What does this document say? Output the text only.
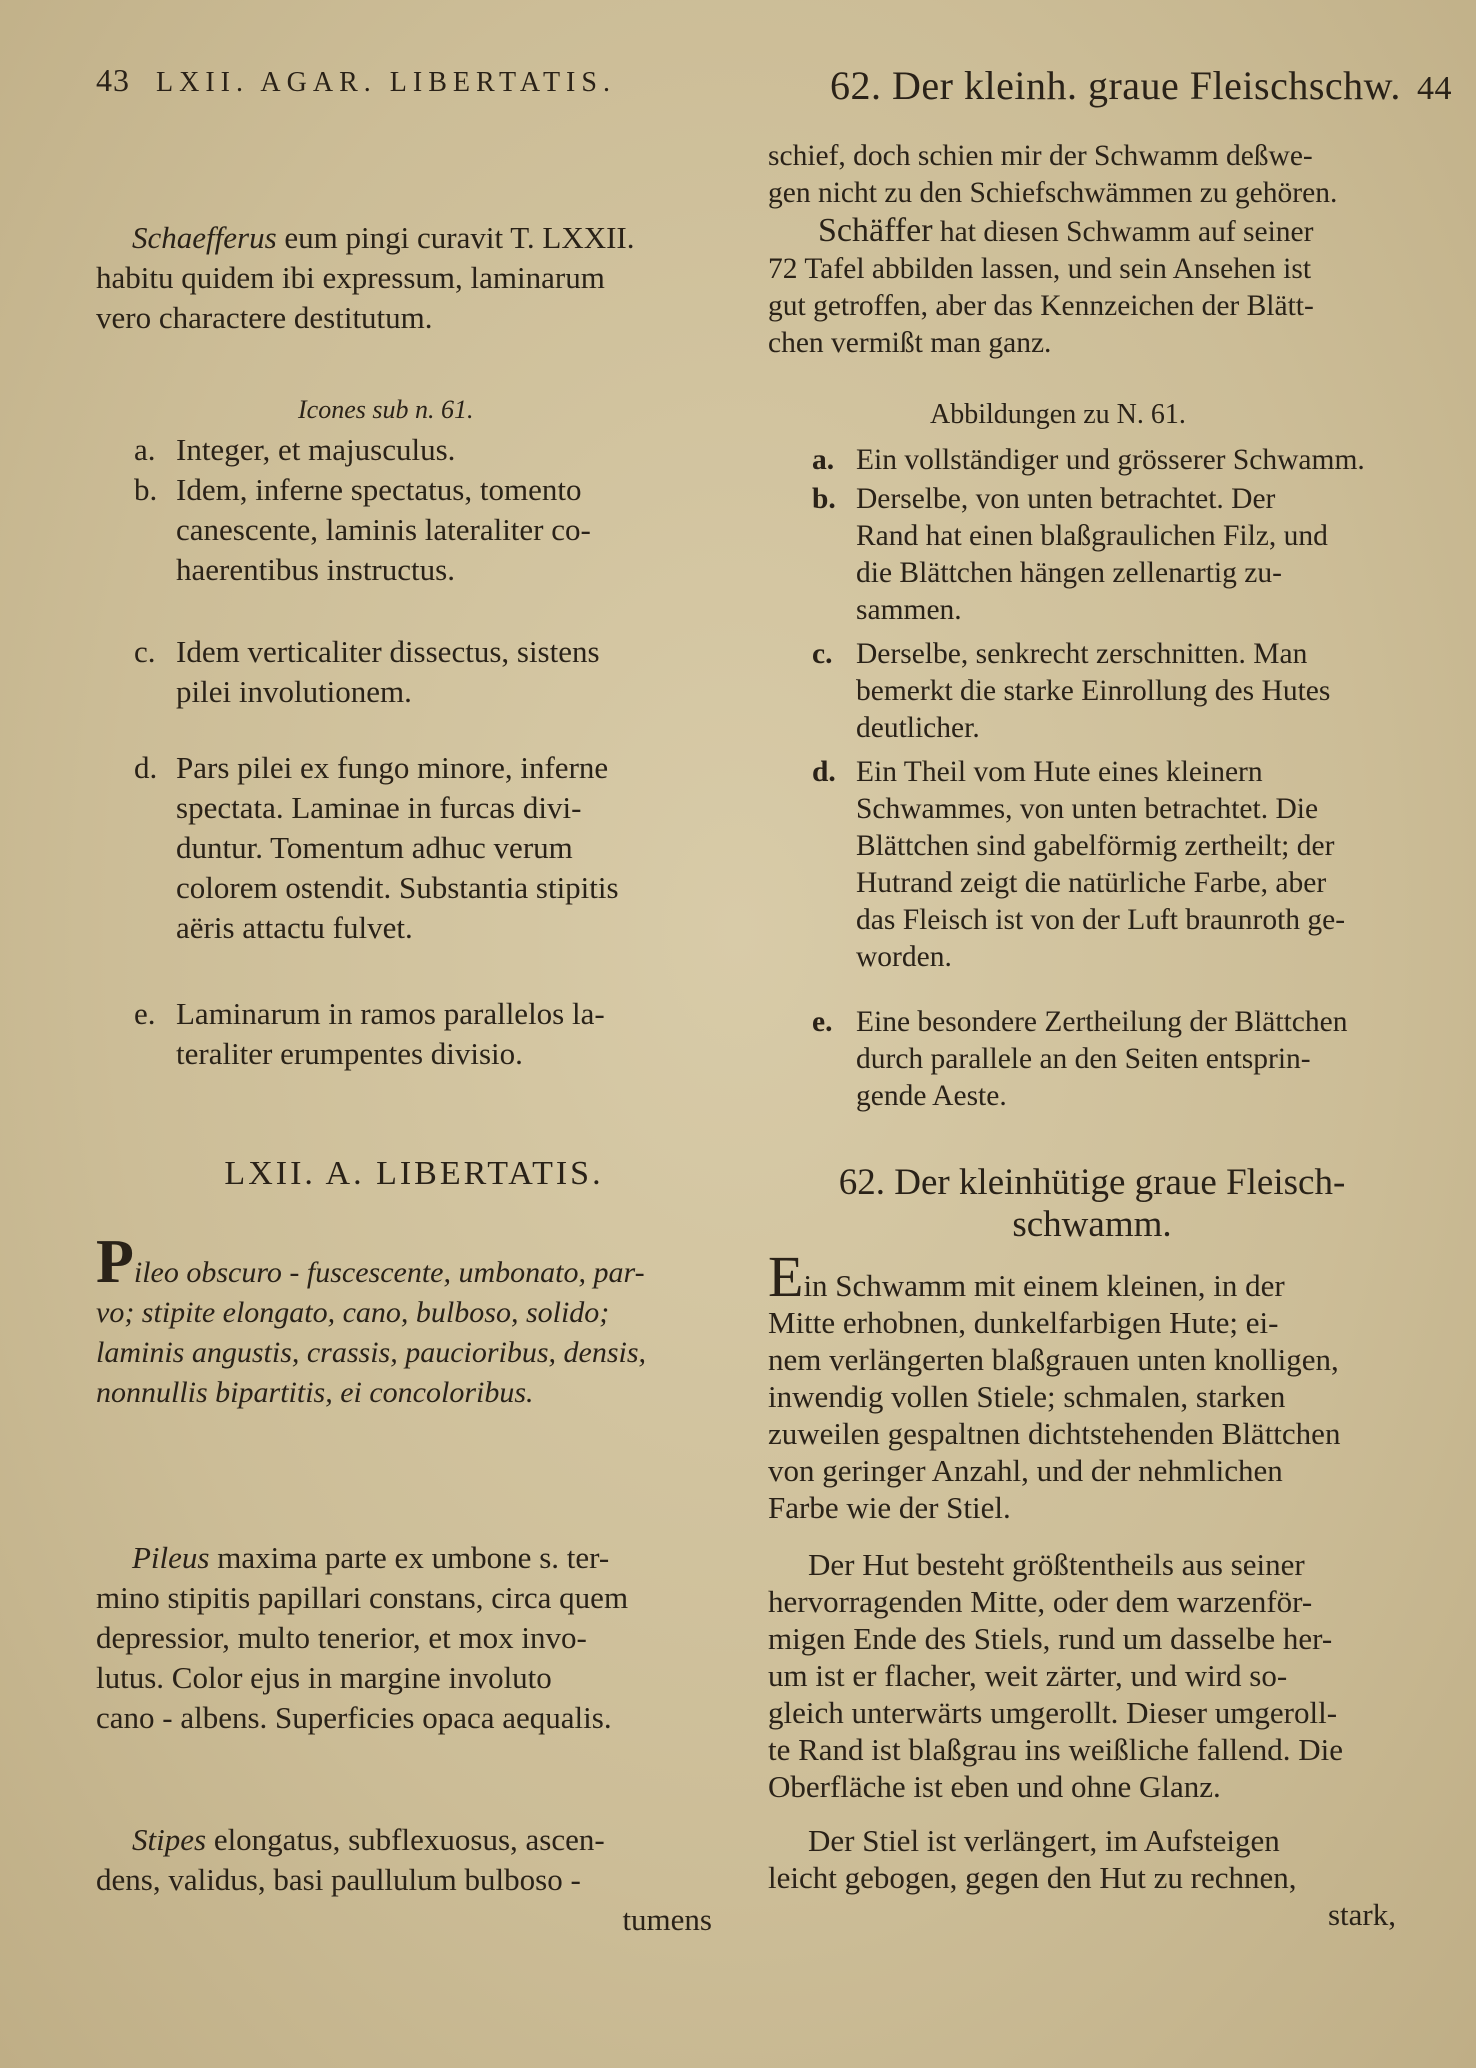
43 LXII. AGAR. LIBERTATIS.	62. Der kleinh. graue Fleischschw. 44

Schaefferus eum pingi curavit T. LXXII.

habitu quidem ibi expressum, laminarum

vero charactere destitutum.

Icones sub n. 61.
a. Integer, et majusculus.

b. Idem, inferne spectatus, tomento

canescente, laminis lateraliter co-

haerentibus instructus.

c. Idem verticaliter dissectus, sistens

pilei involutionem.

d. Pars pilei ex fungo minore, inferne

spectata. Laminae in furcas divi-

duntur. Tomentum adhuc verum

colorem ostendit. Substantia stipitis

aëris attactu fulvet.

e. Laminarum in ramos parallelos la-

teraliter erumpentes divisio.

LXII. A. LIBERTATIS.

Pileo obscuro - fuscescente, umbonato, par-

vo; stipite elongato, cano, bulboso, solido;

laminis angustis, crassis, paucioribus, densis,

nonnullis bipartitis, ei concoloribus.

Pileus maxima parte ex umbone s. ter-

mino stipitis papillari constans, circa quem

depressior, multo tenerior, et mox invo-

lutus. Color ejus in margine involuto

cano - albens. Superficies opaca aequalis.

Stipes elongatus, subflexuosus, ascen-

dens, validus, basi paullulum bulboso -

tumens

schief, doch schien mir der Schwamm deßwe-

gen nicht zu den Schiefschwämmen zu gehören.

Schäffer hat diesen Schwamm auf seiner

72 Tafel abbilden lassen, und sein Ansehen ist

gut getroffen, aber das Kennzeichen der Blätt-

chen vermißt man ganz.

Abbildungen zu N. 61.
a. Ein vollständiger und grösserer Schwamm.

b. Derselbe, von unten betrachtet. Der

Rand hat einen blaßgraulichen Filz, und

die Blättchen hängen zellenartig zu-

sammen.

c. Derselbe, senkrecht zerschnitten. Man

bemerkt die starke Einrollung des Hutes

deutlicher.

d. Ein Theil vom Hute eines kleinern

Schwammes, von unten betrachtet. Die

Blättchen sind gabelförmig zertheilt; der

Hutrand zeigt die natürliche Farbe, aber

das Fleisch ist von der Luft braunroth ge-

worden.

e. Eine besondere Zertheilung der Blättchen

durch parallele an den Seiten entsprin-

gende Aeste.

62. Der kleinhütige graue Fleisch-

schwamm.

Ein Schwamm mit einem kleinen, in der

Mitte erhobnen, dunkelfarbigen Hute; ei-

nem verlängerten blaßgrauen unten knolligen,

inwendig vollen Stiele; schmalen, starken

zuweilen gespaltnen dichtstehenden Blättchen

von geringer Anzahl, und der nehmlichen

Farbe wie der Stiel.

Der Hut besteht größtentheils aus seiner

hervorragenden Mitte, oder dem warzenför-

migen Ende des Stiels, rund um dasselbe her-

um ist er flacher, weit zärter, und wird so-

gleich unterwärts umgerollt. Dieser umgeroll-

te Rand ist blaßgrau ins weißliche fallend. Die

Oberfläche ist eben und ohne Glanz.

Der Stiel ist verlängert, im Aufsteigen

leicht gebogen, gegen den Hut zu rechnen,

stark,
